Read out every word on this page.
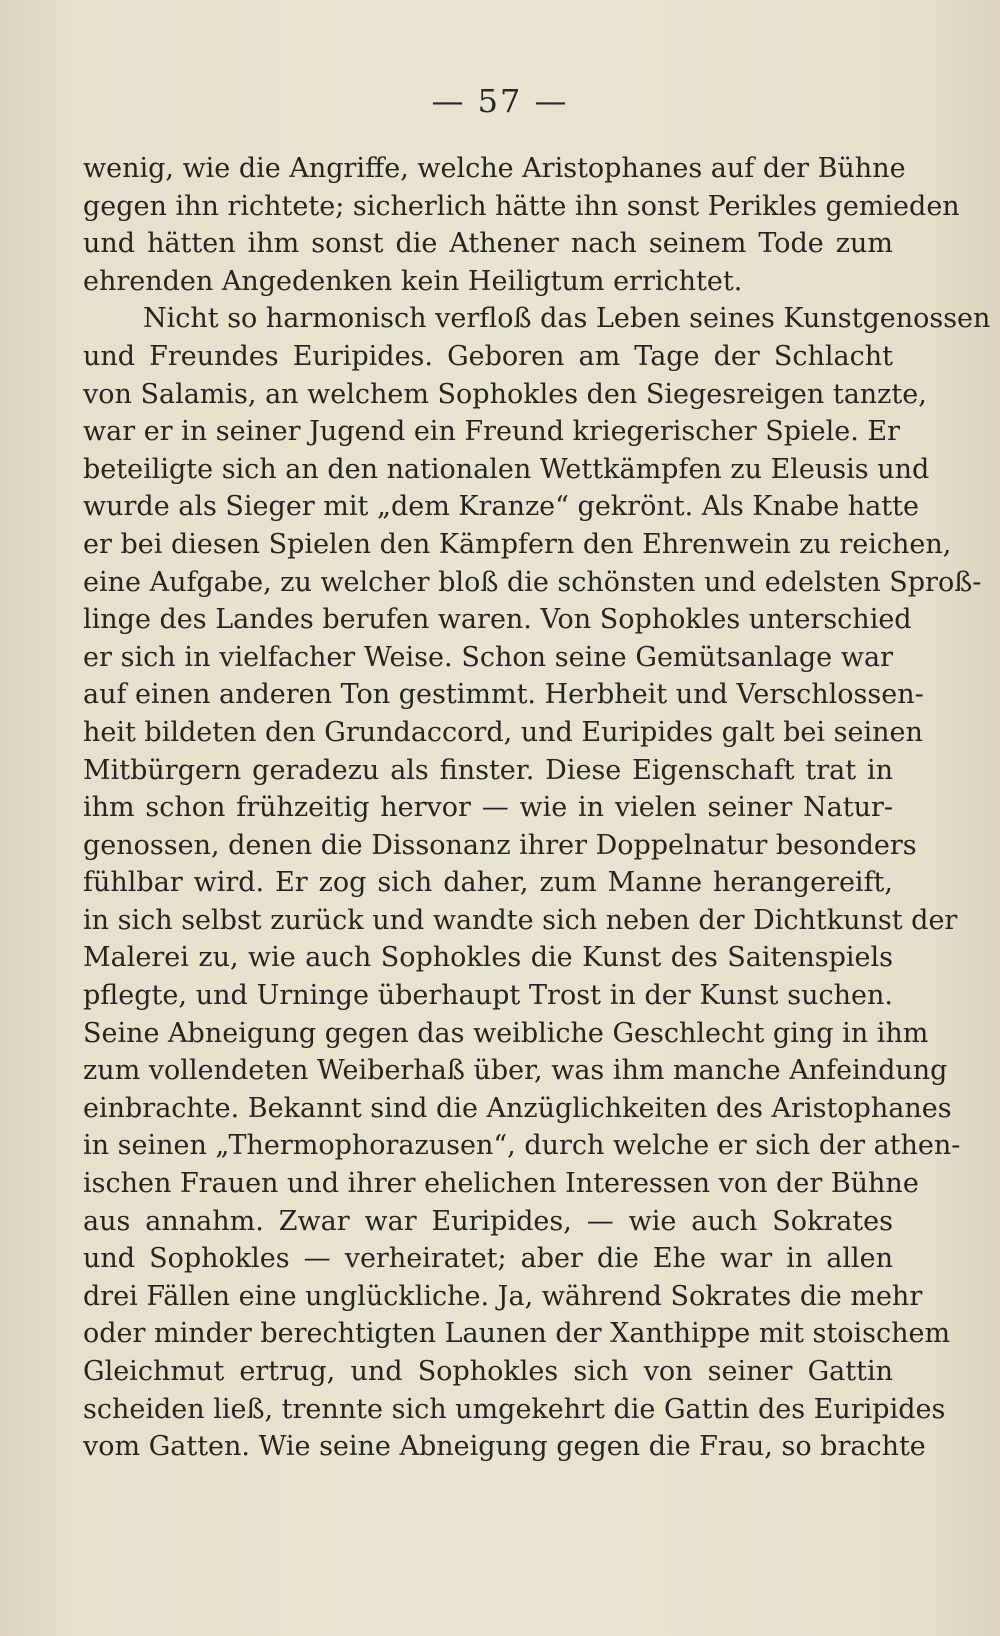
— 57 —
wenig, wie die Angriffe, welche Aristophanes auf der Bühne
gegen ihn richtete; sicherlich hätte ihn sonst Perikles gemieden
und hätten ihm sonst die Athener nach seinem Tode zum
ehrenden Angedenken kein Heiligtum errichtet.
Nicht so harmonisch verfloß das Leben seines Kunstgenossen
und Freundes Euripides. Geboren am Tage der Schlacht
von Salamis, an welchem Sophokles den Siegesreigen tanzte,
war er in seiner Jugend ein Freund kriegerischer Spiele. Er
beteiligte sich an den nationalen Wettkämpfen zu Eleusis und
wurde als Sieger mit „dem Kranze“ gekrönt. Als Knabe hatte
er bei diesen Spielen den Kämpfern den Ehrenwein zu reichen,
eine Aufgabe, zu welcher bloß die schönsten und edelsten Sproß-
linge des Landes berufen waren. Von Sophokles unterschied
er sich in vielfacher Weise. Schon seine Gemütsanlage war
auf einen anderen Ton gestimmt. Herbheit und Verschlossen-
heit bildeten den Grundaccord, und Euripides galt bei seinen
Mitbürgern geradezu als finster. Diese Eigenschaft trat in
ihm schon frühzeitig hervor — wie in vielen seiner Natur-
genossen, denen die Dissonanz ihrer Doppelnatur besonders
fühlbar wird. Er zog sich daher, zum Manne herangereift,
in sich selbst zurück und wandte sich neben der Dichtkunst der
Malerei zu, wie auch Sophokles die Kunst des Saitenspiels
pflegte, und Urninge überhaupt Trost in der Kunst suchen.
Seine Abneigung gegen das weibliche Geschlecht ging in ihm
zum vollendeten Weiberhaß über, was ihm manche Anfeindung
einbrachte. Bekannt sind die Anzüglichkeiten des Aristophanes
in seinen „Thermophorazusen“, durch welche er sich der athen-
ischen Frauen und ihrer ehelichen Interessen von der Bühne
aus annahm. Zwar war Euripides, — wie auch Sokrates
und Sophokles — verheiratet; aber die Ehe war in allen
drei Fällen eine unglückliche. Ja, während Sokrates die mehr
oder minder berechtigten Launen der Xanthippe mit stoischem
Gleichmut ertrug, und Sophokles sich von seiner Gattin
scheiden ließ, trennte sich umgekehrt die Gattin des Euripides
vom Gatten. Wie seine Abneigung gegen die Frau, so brachte
